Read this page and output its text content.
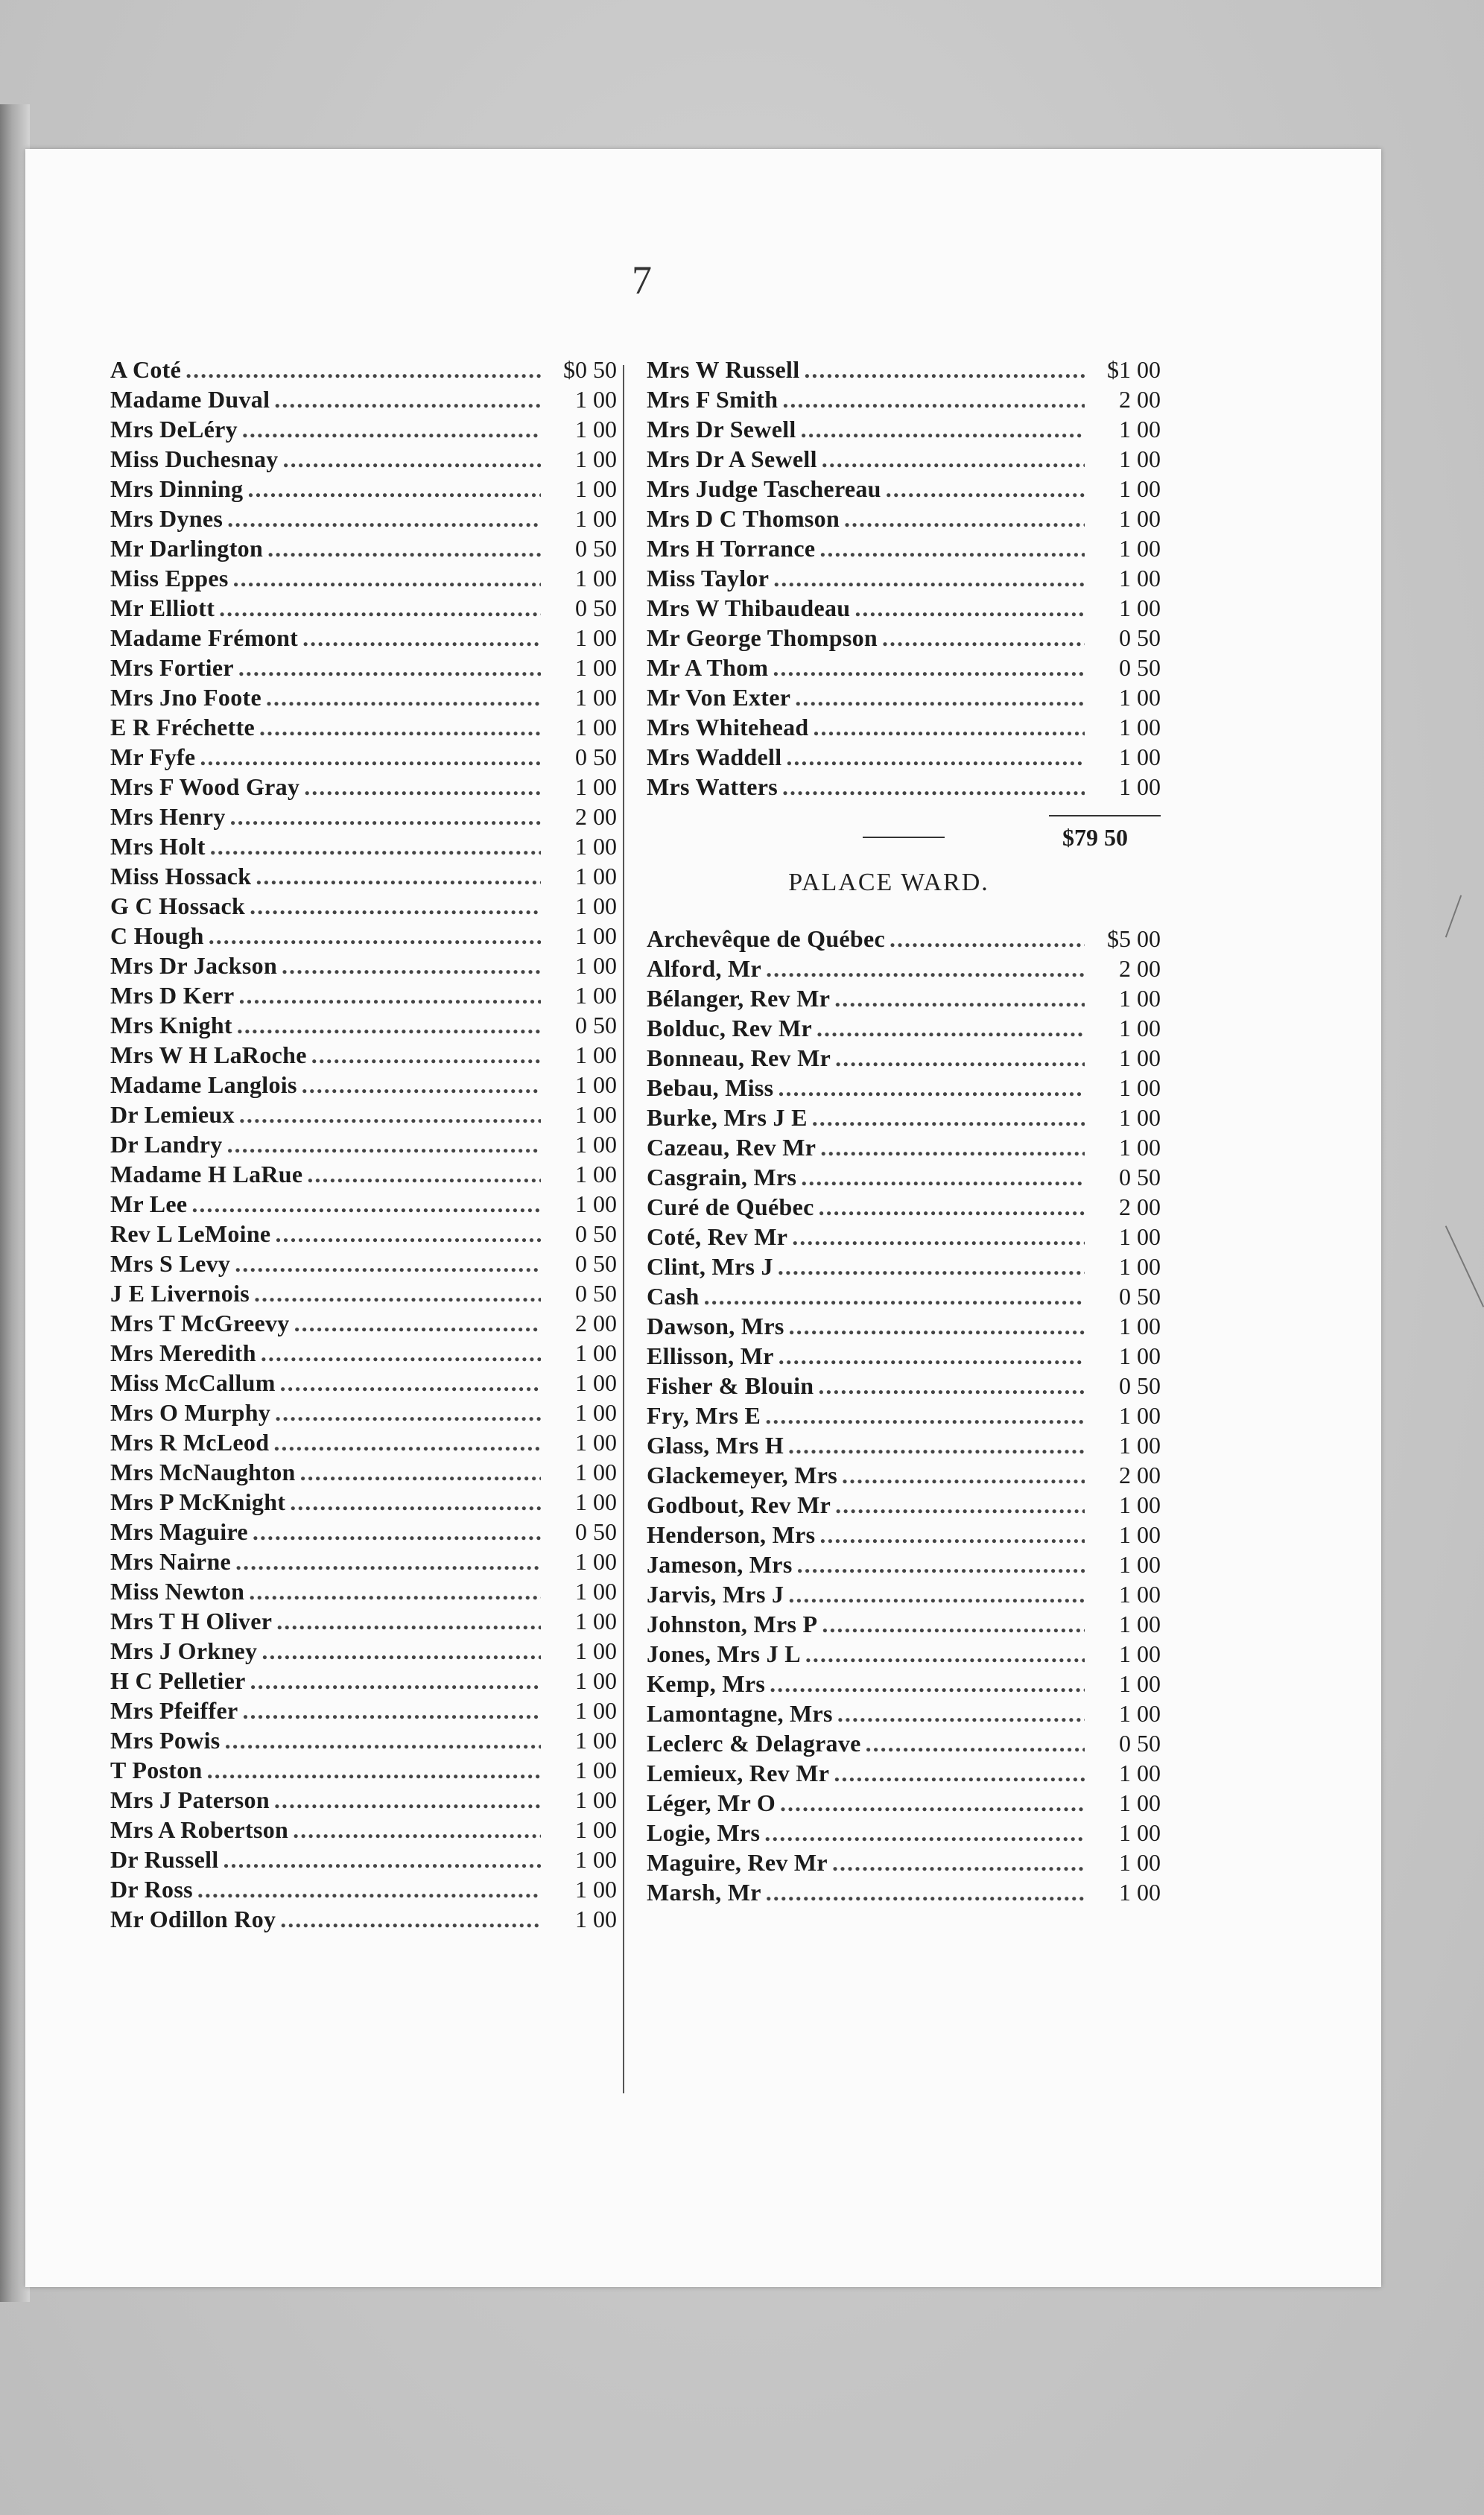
7
A Coté .....	$0 50
Madame Duval .....	1 00
Mrs DeLéry .....	1 00
Miss Duchesnay .....	1 00
Mrs Dinning .....	1 00
Mrs Dynes .....	1 00
Mr Darlington .....	0 50
Miss Eppes .....	1 00
Mr Elliott .....	0 50
Madame Frémont .....	1 00
Mrs Fortier .....	1 00
Mrs Jno Foote .....	1 00
E R Fréchette .....	1 00
Mr Fyfe .....	0 50
Mrs F Wood Gray .....	1 00
Mrs Henry .....	2 00
Mrs Holt .....	1 00
Miss Hossack .....	1 00
G C Hossack .....	1 00
C Hough .....	1 00
Mrs Dr Jackson .....	1 00
Mrs D Kerr .....	1 00
Mrs Knight .....	0 50
Mrs W H LaRoche .....	1 00
Madame Langlois .....	1 00
Dr Lemieux .....	1 00
Dr Landry .....	1 00
Madame H LaRue .....	1 00
Mr Lee .....	1 00
Rev L LeMoine .....	0 50
Mrs S Levy .....	0 50
J E Livernois .....	0 50
Mrs T McGreevy .....	2 00
Mrs Meredith .....	1 00
Miss McCallum .....	1 00
Mrs O Murphy .....	1 00
Mrs R McLeod .....	1 00
Mrs McNaughton .....	1 00
Mrs P McKnight .....	1 00
Mrs Maguire .....	0 50
Mrs Nairne .....	1 00
Miss Newton .....	1 00
Mrs T H Oliver .....	1 00
Mrs J Orkney .....	1 00
H C Pelletier .....	1 00
Mrs Pfeiffer .....	1 00
Mrs Powis .....	1 00
T Poston .....	1 00
Mrs J Paterson .....	1 00
Mrs A Robertson .....	1 00
Dr Russell .....	1 00
Dr Ross .....	1 00
Mr Odillon Roy .....	1 00
Mrs W Russell .....	$1 00
Mrs F Smith .....	2 00
Mrs Dr Sewell .....	1 00
Mrs Dr A Sewell .....	1 00
Mrs Judge Taschereau .....	1 00
Mrs D C Thomson .....	1 00
Mrs H Torrance .....	1 00
Miss Taylor .....	1 00
Mrs W Thibaudeau .....	1 00
Mr George Thompson .....	0 50
Mr A Thom .....	0 50
Mr Von Exter .....	1 00
Mrs Whitehead .....	1 00
Mrs Waddell .....	1 00
Mrs Watters .....	1 00
$79 50
PALACE WARD.
Archevêque de Québec .....	$5 00
Alford, Mr .....	2 00
Bélanger, Rev Mr .....	1 00
Bolduc, Rev Mr .....	1 00
Bonneau, Rev Mr .....	1 00
Bebau, Miss .....	1 00
Burke, Mrs J E .....	1 00
Cazeau, Rev Mr .....	1 00
Casgrain, Mrs .....	0 50
Curé de Québec .....	2 00
Coté, Rev Mr .....	1 00
Clint, Mrs J .....	1 00
Cash .....	0 50
Dawson, Mrs .....	1 00
Ellisson, Mr .....	1 00
Fisher & Blouin .....	0 50
Fry, Mrs E .....	1 00
Glass, Mrs H .....	1 00
Glackemeyer, Mrs .....	2 00
Godbout, Rev Mr .....	1 00
Henderson, Mrs .....	1 00
Jameson, Mrs .....	1 00
Jarvis, Mrs J .....	1 00
Johnston, Mrs P .....	1 00
Jones, Mrs J L .....	1 00
Kemp, Mrs .....	1 00
Lamontagne, Mrs .....	1 00
Leclerc & Delagrave .....	0 50
Lemieux, Rev Mr .....	1 00
Léger, Mr O .....	1 00
Logie, Mrs .....	1 00
Maguire, Rev Mr .....	1 00
Marsh, Mr .....	1 00
